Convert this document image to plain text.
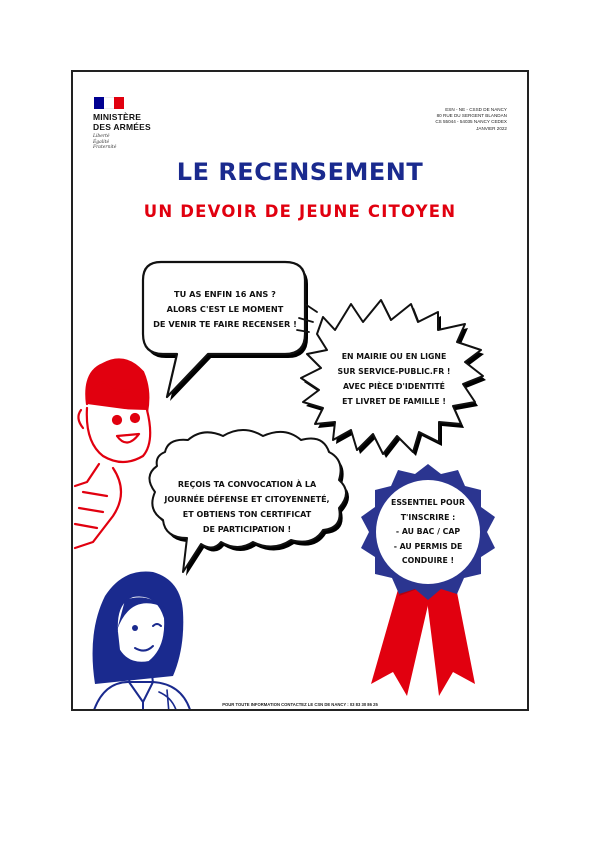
MINISTÈRE
DES ARMÉES
Liberté
Égalité
Fraternité
ESN - NE - CSSD DE NANCY
80 RUE DU SERGENT BLANDAN
CS 55044 - 54035 NANCY CEDEX
JANVIER 2022
LE RECENSEMENT
UN DEVOIR DE JEUNE CITOYEN
TU AS ENFIN 16 ANS ?
ALORS C'EST LE MOMENT
DE VENIR TE FAIRE RECENSER !
EN MAIRIE OU EN LIGNE
SUR SERVICE-PUBLIC.FR !
AVEC PIÈCE D'IDENTITÉ
ET LIVRET DE FAMILLE !
REÇOIS TA CONVOCATION À LA
JOURNÉE DÉFENSE ET CITOYENNETÉ,
ET OBTIENS TON CERTIFICAT
DE PARTICIPATION !
ESSENTIEL POUR
T'INSCRIRE :
- AU BAC / CAP
- AU PERMIS DE
CONDUIRE !
POUR TOUTE INFORMATION CONTACTEZ LE CSN DE NANCY : 03 83 30 86 25
